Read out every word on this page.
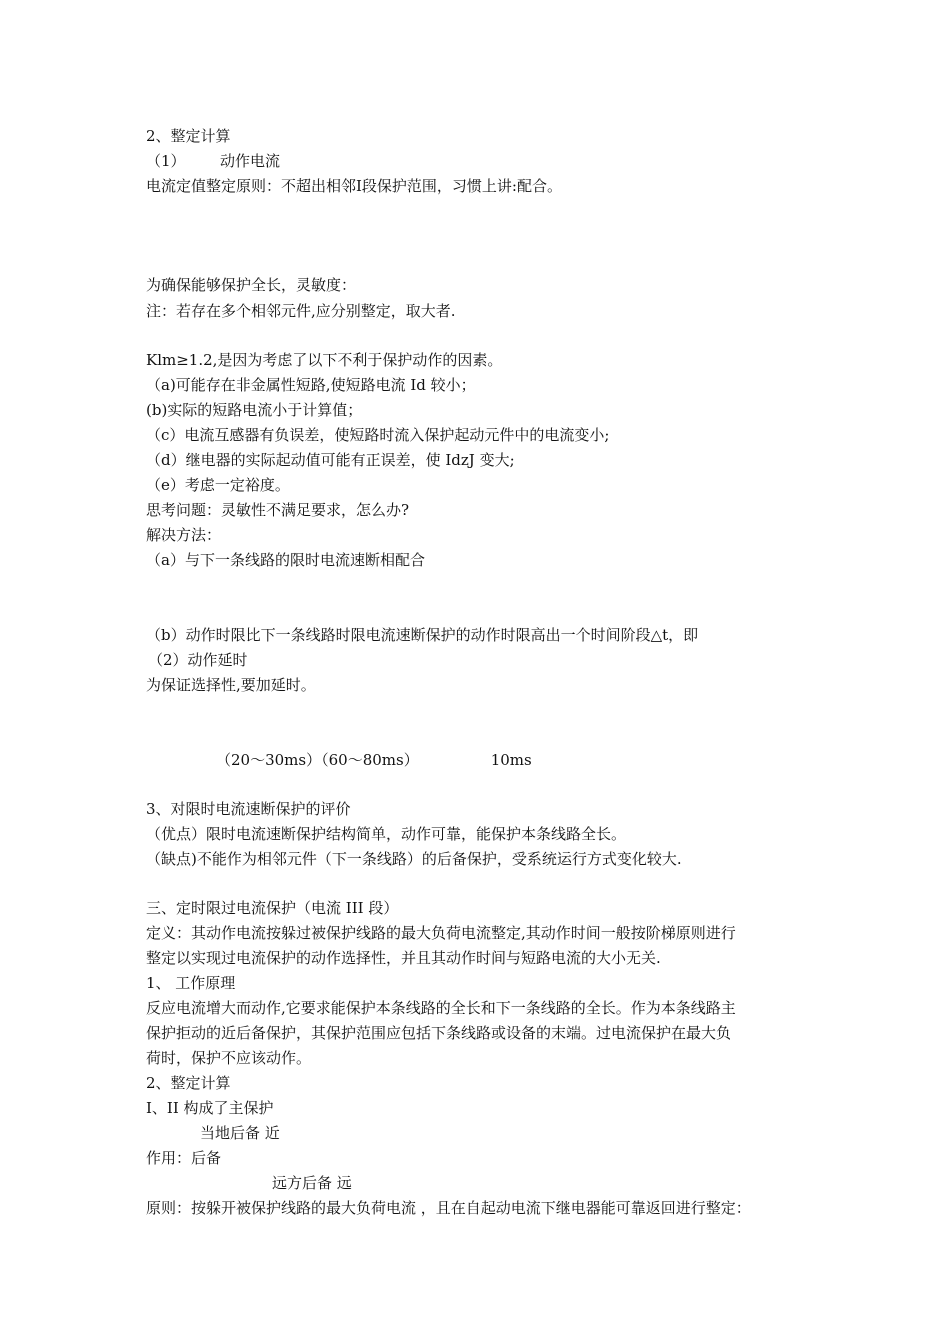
2、整定计算
（1） 动作电流
电流定值整定原则：不超出相邻Ⅰ段保护范围，习惯上讲:配合。
为确保能够保护全长，灵敏度：
注：若存在多个相邻元件,应分别整定，取大者.
Klm≥1.2,是因为考虑了以下不利于保护动作的因素。
（a)可能存在非金属性短路,使短路电流 Id 较小；
(b)实际的短路电流小于计算值；
（c）电流互感器有负误差，使短路时流入保护起动元件中的电流变小;
（d）继电器的实际起动值可能有正误差，使 IdzJ 变大;
（e）考虑一定裕度。
思考问题：灵敏性不满足要求，怎么办?
解决方法：
（a）与下一条线路的限时电流速断相配合
（b）动作时限比下一条线路时限电流速断保护的动作时限高出一个时间阶段△t，即
（2）动作延时
为保证选择性,要加延时。
（20～30ms）（60～80ms）	10ms
3、对限时电流速断保护的评价
（优点）限时电流速断保护结构简单，动作可靠，能保护本条线路全长。
（缺点)不能作为相邻元件（下一条线路）的后备保护，受系统运行方式变化较大.
三、定时限过电流保护（电流 III 段）
定义：其动作电流按躲过被保护线路的最大负荷电流整定,其动作时间一般按阶梯原则进行
整定以实现过电流保护的动作选择性，并且其动作时间与短路电流的大小无关.
1、 工作原理
反应电流增大而动作,它要求能保护本条线路的全长和下一条线路的全长。作为本条线路主
保护拒动的近后备保护，其保护范围应包括下条线路或设备的末端。过电流保护在最大负
荷时，保护不应该动作。
2、整定计算
I、II 构成了主保护
当地后备 近
作用：后备
远方后备 远
原则：按躲开被保护线路的最大负荷电流 ，且在自起动电流下继电器能可靠返回进行整定：
